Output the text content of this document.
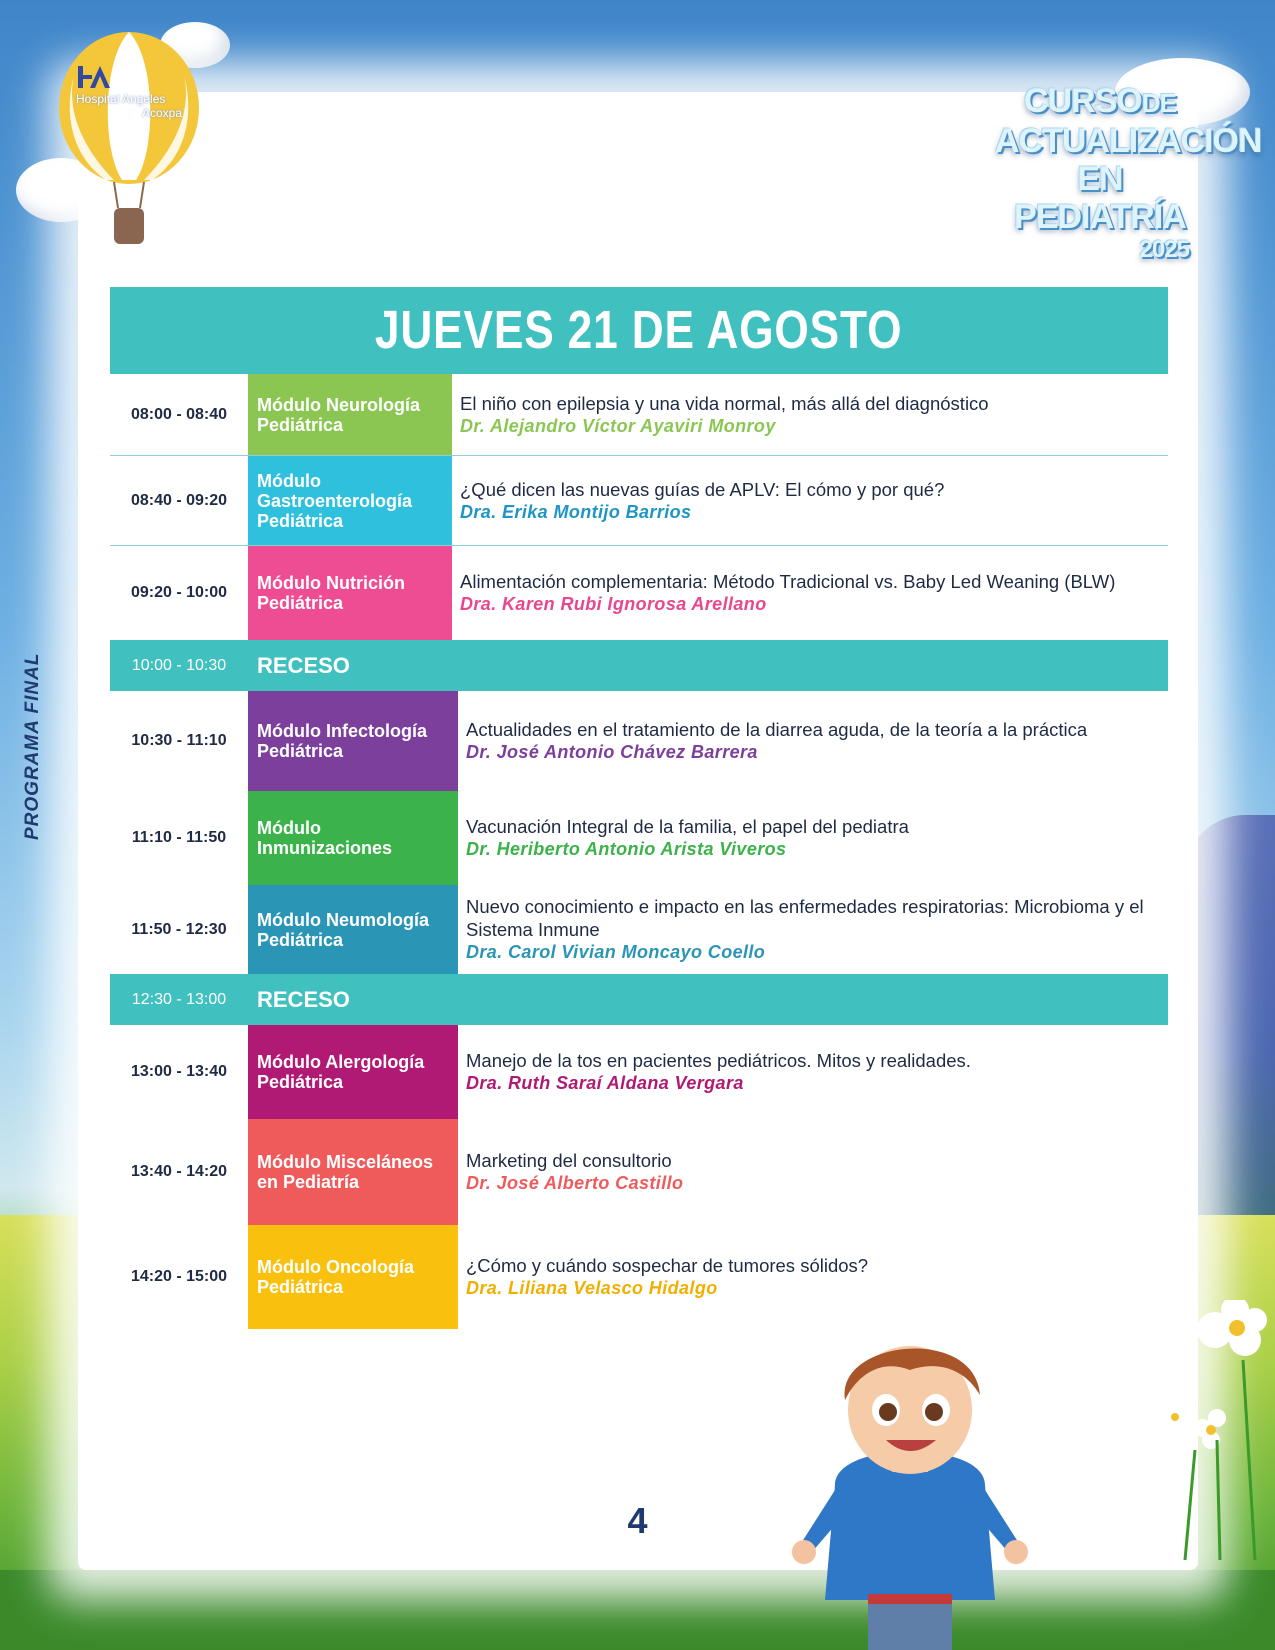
Hospital Angeles
Acoxpa	CURSODE
ACTUALIZACIÓN
EN PEDIATRÍA
2025
PROGRAMA FINAL
JUEVES 21 DE AGOSTO
08:00 - 08:40	Módulo Neurología Pediátrica
El niño con epilepsia y una vida normal, más allá del diagnóstico
Dr. Alejandro Víctor Ayaviri Monroy
08:40 - 09:20
Módulo Gastroenterología Pediátrica
¿Qué dicen las nuevas guías de APLV: El cómo y por qué?
Dra. Erika Montijo Barrios
09:20 - 10:00	Módulo Nutrición Pediátrica
Alimentación complementaria: Método Tradicional vs. Baby Led Weaning (BLW)
Dra. Karen Rubi Ignorosa Arellano
10:00 - 10:30	RECESO
10:30 - 11:10	Módulo Infectología Pediátrica
Actualidades en el tratamiento de la diarrea aguda, de la teoría a la práctica
Dr. José Antonio Chávez Barrera
11:10 - 11:50	Módulo Inmunizaciones
Vacunación Integral de la familia, el papel del pediatra
Dr. Heriberto Antonio Arista Viveros
11:50 - 12:30	Módulo Neumología Pediátrica
Nuevo conocimiento e impacto en las enfermedades respiratorias: Microbioma y el Sistema Inmune
Dra. Carol Vivian Moncayo Coello
12:30 - 13:00	RECESO
13:00 - 13:40	Módulo Alergología Pediátrica
Manejo de la tos en pacientes pediátricos. Mitos y realidades.
Dra. Ruth Saraí Aldana Vergara
13:40 - 14:20	Módulo Misceláneos en Pediatría
Marketing del consultorio
Dr. José Alberto Castillo
14:20 - 15:00	Módulo Oncología Pediátrica
¿Cómo y cuándo sospechar de tumores sólidos?
Dra. Liliana Velasco Hidalgo
4
